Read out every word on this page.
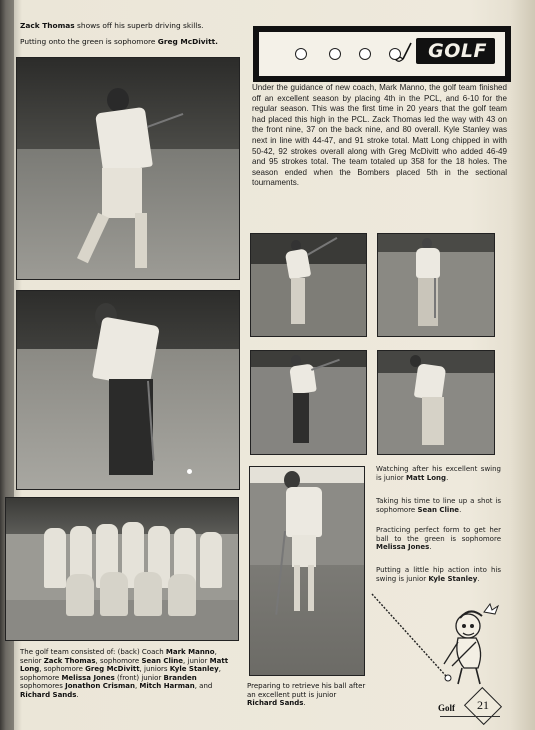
Zack Thomas shows off his superb driving skills.
Putting onto the green is sophomore Greg McDivitt.	GOLF
Under the guidance of new coach, Mark Manno, the golf team finished off an excellent season by placing 4th in the PCL, and 6-10 for the regular season. This was the first time in 20 years that the golf team had placed this high in the PCL. Zack Thomas led the way with 43 on the front nine, 37 on the back nine, and 80 overall. Kyle Stanley was next in line with 44-47, and 91 stroke total. Matt Long chipped in with 50-42, 92 strokes overall along with Greg McDivitt who added 46-49 and 95 strokes total. The team totaled up 358 for the 18 holes. The season ended when the Bombers placed 5th in the sectional tournaments.
Watching after his excellent swing is junior Matt Long.
Taking his time to line up a shot is sophomore Sean Cline.
Practicing perfect form to get her ball to the green is sophomore Melissa Jones.
Putting a little hip action into his swing is junior Kyle Stanley.
Preparing to retrieve his ball after an excellent putt is junior Richard Sands.
The golf team consisted of: (back) Coach Mark Manno, senior Zack Thomas, sophomore Sean Cline, junior Matt Long, sophomore Greg McDivitt, juniors Kyle Stanley, sophomore Melissa Jones (front) junior Branden sophomores Jonathon Crisman, Mitch Harman, and Richard Sands.
Golf	21
